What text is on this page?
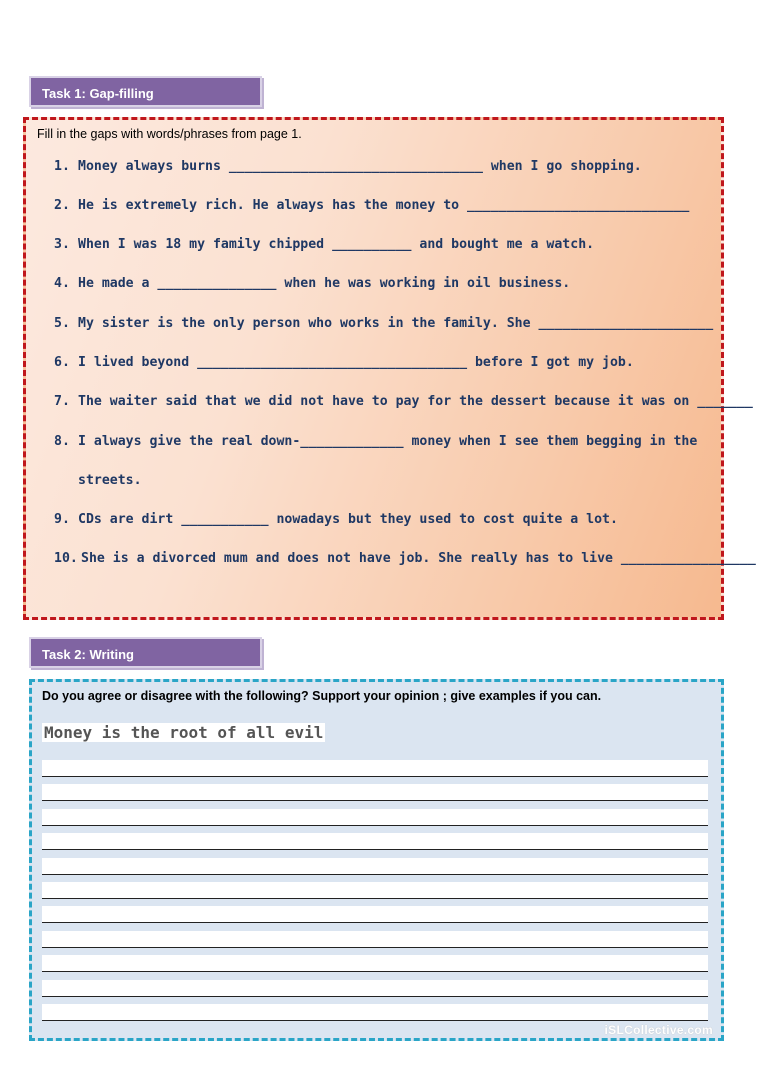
Task 1: Gap-filling
Fill in the gaps with words/phrases from page 1.
1. Money always burns ________________________________ when I go shopping.
2. He is extremely rich. He always has the money to ____________________________
3. When I was 18 my family chipped __________ and bought me a watch.
4. He made a _______________ when he was working in oil business.
5. My sister is the only person who works in the family. She ______________________
6. I lived beyond __________________________________ before I got my job.
7. The waiter said that we did not have to pay for the dessert because it was on _______
8. I always give the real down-_____________ money when I see them begging in the
streets.
9. CDs are dirt ___________ nowadays but they used to cost quite a lot.
10. She is a divorced mum and does not have job. She really has to live _________________
Task 2: Writing
Do you agree or disagree with the following? Support your opinion ; give examples if you can.
Money is the root of all evil
iSLCollective.com
